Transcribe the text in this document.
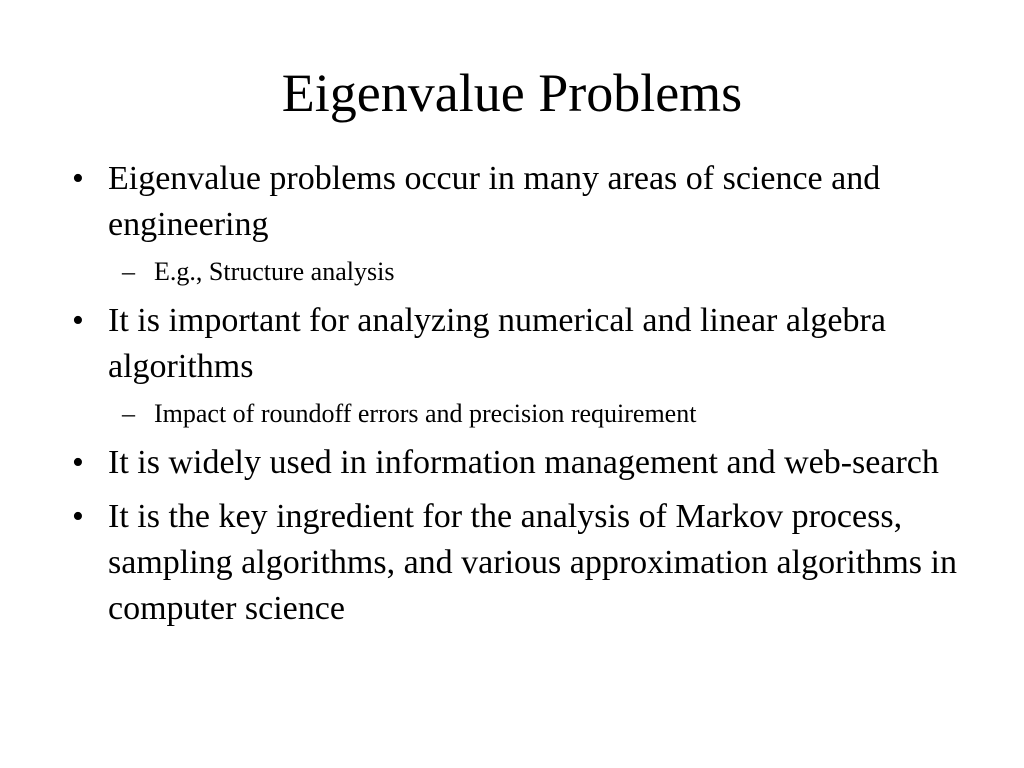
Eigenvalue Problems
• Eigenvalue problems occur in many areas of science and engineering
– E.g., Structure analysis
• It is important for analyzing numerical and linear algebra algorithms
– Impact of roundoff errors and precision requirement
• It is widely used in information management and web-search
• It is the key ingredient for the analysis of Markov process, sampling algorithms, and various approximation algorithms in computer science
